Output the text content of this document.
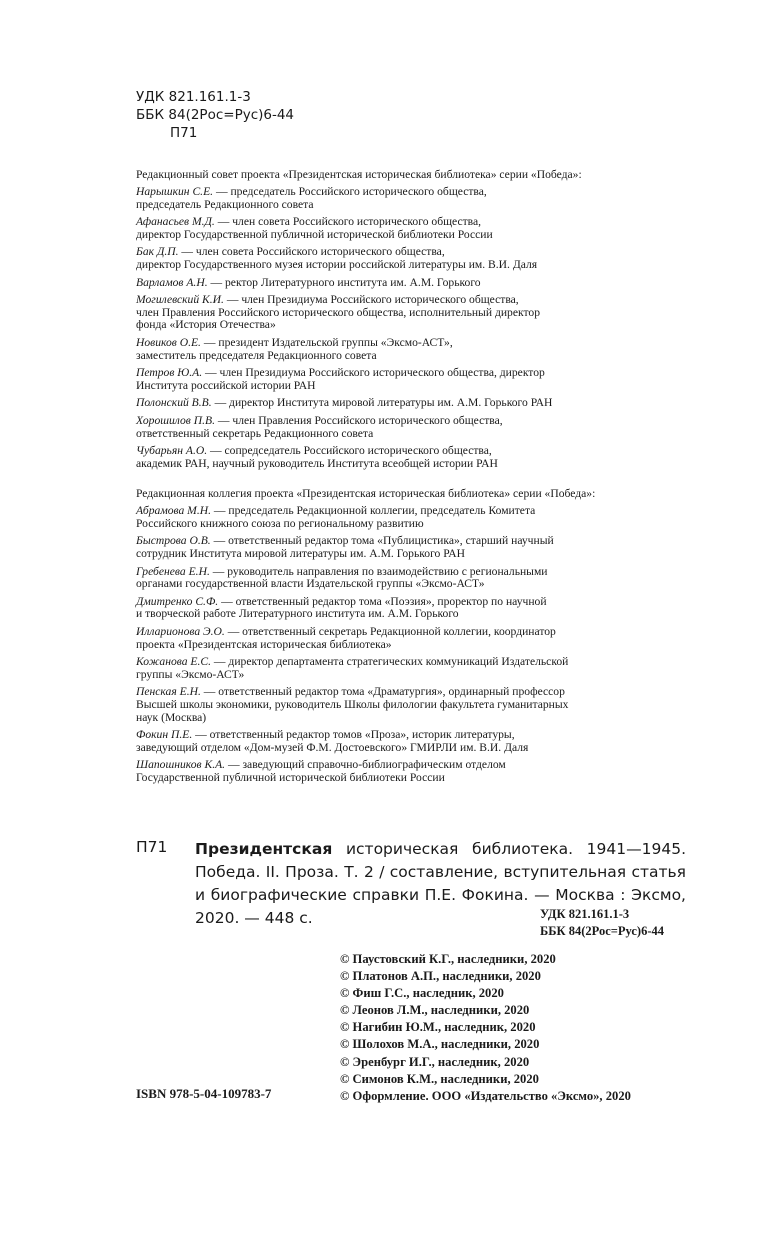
УДК 821.161.1-3
ББК 84(2Рос=Рус)6-44
П71
Редакционный совет проекта «Президентская историческая библиотека» серии «Победа»:
Нарышкин С.Е. — председатель Российского исторического общества,
председатель Редакционного совета
Афанасьев М.Д. — член совета Российского исторического общества,
директор Государственной публичной исторической библиотеки России
Бак Д.П. — член совета Российского исторического общества,
директор Государственного музея истории российской литературы им. В.И. Даля
Варламов А.Н. — ректор Литературного института им. А.М. Горького
Могилевский К.И. — член Президиума Российского исторического общества,
член Правления Российского исторического общества, исполнительный директор
фонда «История Отечества»
Новиков О.Е. — президент Издательской группы «Эксмо-АСТ»,
заместитель председателя Редакционного совета
Петров Ю.А. — член Президиума Российского исторического общества, директор
Института российской истории РАН
Полонский В.В. — директор Института мировой литературы им. А.М. Горького РАН
Хорошилов П.В. — член Правления Российского исторического общества,
ответственный секретарь Редакционного совета
Чубарьян А.О. — сопредседатель Российского исторического общества,
академик РАН, научный руководитель Института всеобщей истории РАН
Редакционная коллегия проекта «Президентская историческая библиотека» серии «Победа»:
Абрамова М.Н. — председатель Редакционной коллегии, председатель Комитета
Российского книжного союза по региональному развитию
Быстрова О.В. — ответственный редактор тома «Публицистика», старший научный
сотрудник Института мировой литературы им. А.М. Горького РАН
Гребенева Е.Н. — руководитель направления по взаимодействию с региональными
органами государственной власти Издательской группы «Эксмо-АСТ»
Дмитренко С.Ф. — ответственный редактор тома «Поэзия», проректор по научной
и творческой работе Литературного института им. А.М. Горького
Илларионова Э.О. — ответственный секретарь Редакционной коллегии, координатор
проекта «Президентская историческая библиотека»
Кожанова Е.С. — директор департамента стратегических коммуникаций Издательской
группы «Эксмо-АСТ»
Пенская Е.Н. — ответственный редактор тома «Драматургия», ординарный профессор
Высшей школы экономики, руководитель Школы филологии факультета гуманитарных
наук (Москва)
Фокин П.Е. — ответственный редактор томов «Проза», историк литературы,
заведующий отделом «Дом-музей Ф.М. Достоевского» ГМИРЛИ им. В.И. Даля
Шапошников К.А. — заведующий справочно-библиографическим отделом
Государственной публичной исторической библиотеки России
П71 Президентская историческая библиотека. 1941—1945. Победа. II. Проза. Т. 2 / составление, вступительная статья и биографические справки П.Е. Фокина. — Москва : Эксмо, 2020. — 448 с.	УДК 821.161.1-3
ББК 84(2Рос=Рус)6-44
© Паустовский К.Г., наследники, 2020
© Платонов А.П., наследники, 2020
© Фиш Г.С., наследник, 2020
© Леонов Л.М., наследники, 2020
© Нагибин Ю.М., наследник, 2020
© Шолохов М.А., наследники, 2020
© Эренбург И.Г., наследник, 2020
© Симонов К.М., наследники, 2020
© Оформление. ООО «Издательство «Эксмо», 2020
ISBN 978-5-04-109783-7
